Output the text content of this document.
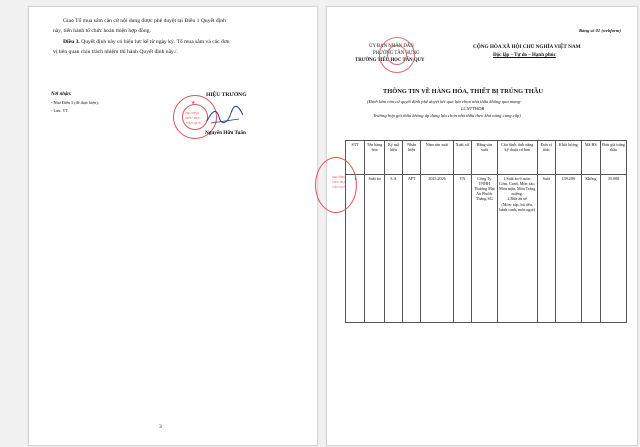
Giao Tổ mua sắm căn cứ nội dung được phê duyệt tại Điều 1 Quyết định
này, tiến hành tổ chức hoàn thiện hợp đồng.
Điều 3. Quyết định này có hiệu lực kể từ ngày ký. Tổ mua sắm và các đơn
vị liên quan chịu trách nhiệm thi hành Quyết định này./.
Nơi nhận:
- Như Điều 3 (để thực hiện);
- Lưu: VT.
HIỆU TRƯỞNG
★
TRƯỜNG
TIỂU HỌC
TẤN QUY
Nguyễn Hữu Tuấn
3
Bảng số 01 (webform)
ỦY BAN NHÂN DÂN
PHƯỜNG TÂN HƯNG
TRƯỜNG TIỂU HỌC TẤN QUY
CỘNG HÒA XÃ HỘI CHỦ NGHĨA VIỆT NAM
Độc lập – Tự do – Hạnh phúc
THÔNG TIN VỀ HÀNG HÓA, THIẾT BỊ TRÚNG THẦU
(Đính kèm căn cứ quyết định phê duyệt kết quả lựa chọn nhà thầu không qua mạng-
LCNTTHDB
Trường hợp gói thầu không áp dụng lựa chọn nhà thầu theo khả năng cung cấp)
STT	Tên hàng hóa	Ký mã hiệu	Nhãn hiệu	Năm sản xuất	Xuất xứ	Hãng sản xuất	Cấu hình, tính năng kỹ thuật cơ bản	Đơn vị tính	Khối lượng	Mã HS	Đơn giá trúng thầu
1	Suất ăn	S.A	APT	2025,2026	VN	Công Ty TNHH Thương Mại An Phước Thắng SG	1.Suất ăn 6 món: Cơm, Canh, Món xào, Món mặn, Món Tráng miệng.
2.Bữa ăn xế
(Món: súp, bú tiếu, bánh canh, món ngọt)	Suất	139.200	Không	35.000
TRƯỜNG
TIỂU HỌC
TẤN QUY
